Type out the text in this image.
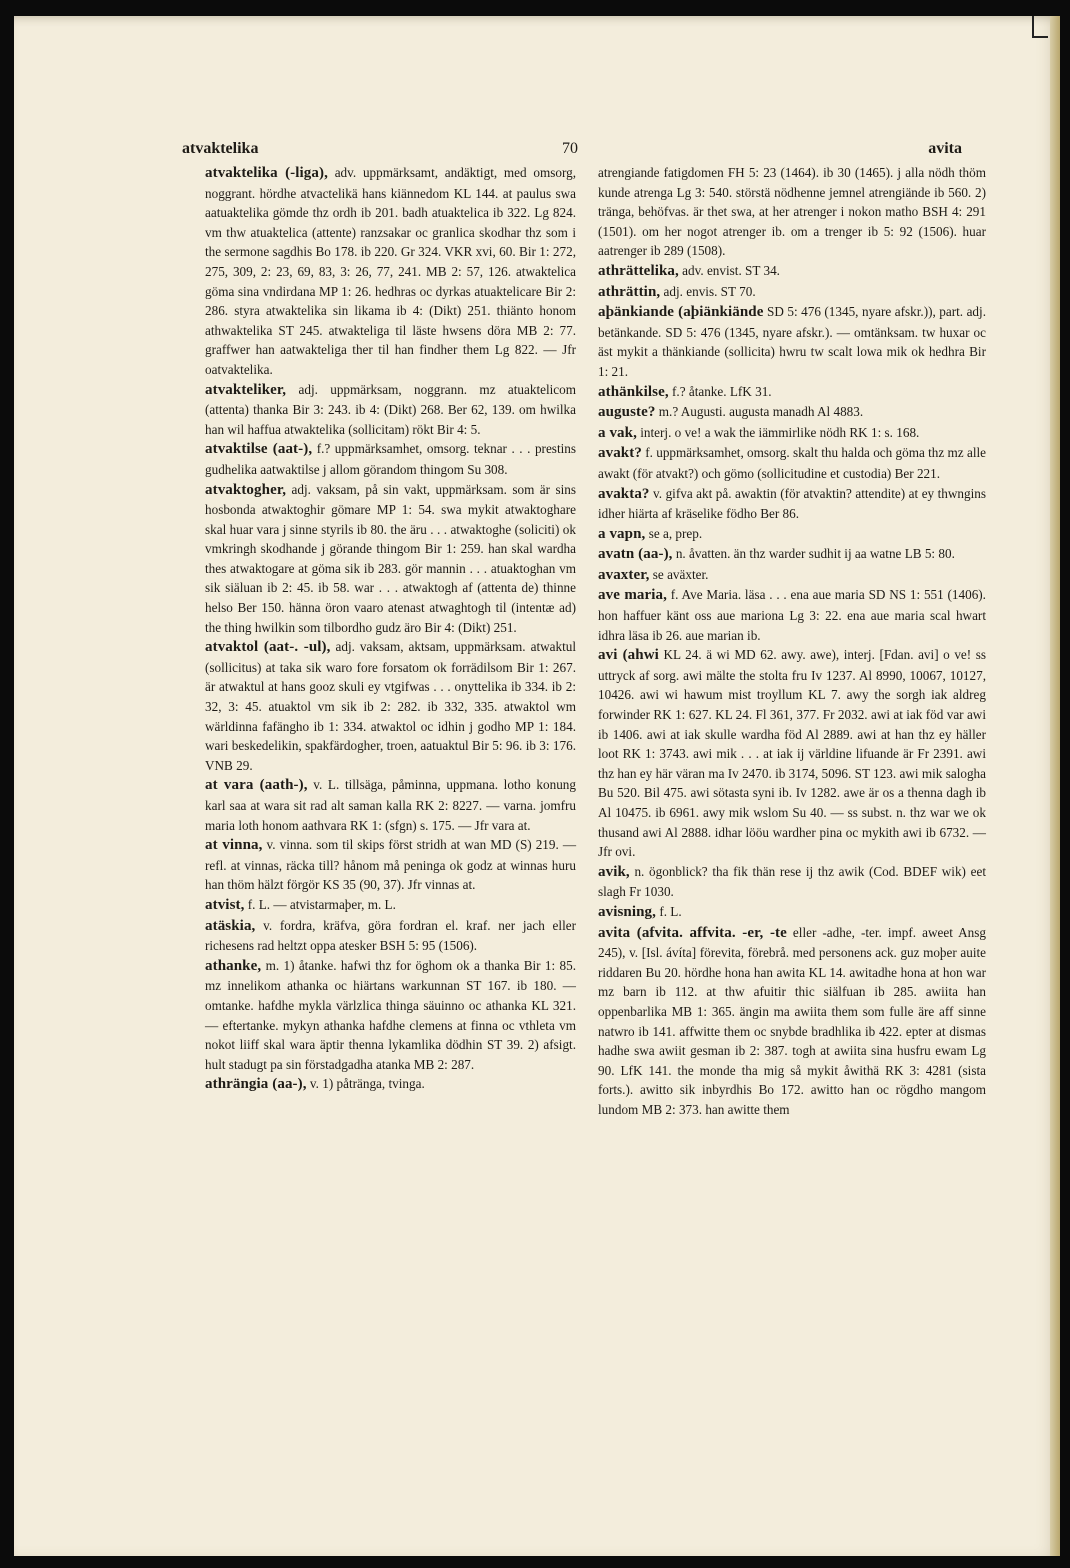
atvaktelika	70	avita

atvaktelika (-liga), adv. uppmärksamt, andäktigt, med omsorg, noggrant. hördhe atvactelikä hans kiännedom KL 144. at paulus swa aatuaktelika gömde thz ordh ib 201. badh atuaktelica ib 322. Lg 824. vm thw atuaktelica (attente) ranzsakar oc granlica skodhar thz som i the sermone sagdhis Bo 178. ib 220. Gr 324. VKR xvi, 60. Bir 1: 272, 275, 309, 2: 23, 69, 83, 3: 26, 77, 241. MB 2: 57, 126. atwaktelica göma sina vndirdana MP 1: 26. hedhras oc dyrkas atuaktelicare Bir 2: 286. styra atwaktelika sin likama ib 4: (Dikt) 251. thiänto honom athwaktelika ST 245. atwakteliga til läste hwsens döra MB 2: 77. graffwer han aatwakteliga ther til han findher them Lg 822. — Jfr oatvaktelika.

atvakteliker, adj. uppmärksam, noggrann. mz atuaktelicom (attenta) thanka Bir 3: 243. ib 4: (Dikt) 268. Ber 62, 139. om hwilka han wil haffua atwaktelika (sollicitam) rökt Bir 4: 5.

atvaktilse (aat-), f.? uppmärksamhet, omsorg. teknar . . . prestins gudhelika aatwaktilse j allom görandom thingom Su 308.

atvaktogher, adj. vaksam, på sin vakt, uppmärksam. som är sins hosbonda atwaktoghir gömare MP 1: 54. swa mykit atwaktoghare skal huar vara j sinne styrils ib 80. the äru . . . atwaktoghe (soliciti) ok vmkringh skodhande j görande thingom Bir 1: 259. han skal wardha thes atwaktogare at göma sik ib 283. gör mannin . . . atuaktoghan vm sik siäluan ib 2: 45. ib 58. war . . . atwaktogh af (attenta de) thinne helso Ber 150. hänna öron vaaro atenast atwaghtogh til (intentæ ad) the thing hwilkin som tilbordho gudz äro Bir 4: (Dikt) 251.

atvaktol (aat-. -ul), adj. vaksam, aktsam, uppmärksam. atwaktul (sollicitus) at taka sik waro fore forsatom ok forrädilsom Bir 1: 267. är atwaktul at hans gooz skuli ey vtgifwas . . . onyttelika ib 334. ib 2: 32, 3: 45. atuaktol vm sik ib 2: 282. ib 332, 335. atwaktol wm wärldinna fafängho ib 1: 334. atwaktol oc idhin j godho MP 1: 184. wari beskedelikin, spakfärdogher, troen, aatuaktul Bir 5: 96. ib 3: 176. VNB 29.

at vara (aath-), v. L. tillsäga, påminna, uppmana. lotho konung karl saa at wara sit rad alt saman kalla RK 2: 8227. — varna. jomfru maria loth honom aathvara RK 1: (sfgn) s. 175. — Jfr vara at.

at vinna, v. vinna. som til skips först stridh at wan MD (S) 219. — refl. at vinnas, räcka till? hånom må peninga ok godz at winnas huru han thöm hälzt förgör KS 35 (90, 37). Jfr vinnas at.

atvist, f. L. — atvistarmaþer, m. L.

atäskia, v. fordra, kräfva, göra fordran el. kraf. ner jach eller richesens rad heltzt oppa atesker BSH 5: 95 (1506).

athanke, m. 1) åtanke. hafwi thz for öghom ok a thanka Bir 1: 85. mz innelikom athanka oc hiärtans warkunnan ST 167. ib 180. — omtanke. hafdhe mykla värlzlica thinga säuinno oc athanka KL 321. — eftertanke. mykyn athanka hafdhe clemens at finna oc vthleta vm nokot liiff skal wara äptir thenna lykamlika dödhin ST 39. 2) afsigt. hult stadugt pa sin förstadgadha atanka MB 2: 287.

athrängia (aa-), v. 1) påtränga, tvinga.

atrengiande fatigdomen FH 5: 23 (1464). ib 30 (1465). j alla nödh thöm kunde atrenga Lg 3: 540. störstä nödhenne jemnel atrengiände ib 560. 2) tränga, behöfvas. är thet swa, at her atrenger i nokon matho BSH 4: 291 (1501). om her nogot atrenger ib. om a trenger ib 5: 92 (1506). huar aatrenger ib 289 (1508).

athrättelika, adv. envist. ST 34.

athrättin, adj. envis. ST 70.

aþänkiande (aþiänkiände SD 5: 476 (1345, nyare afskr.)), part. adj. betänkande. SD 5: 476 (1345, nyare afskr.). — omtänksam. tw huxar oc äst mykit a thänkiande (sollicita) hwru tw scalt lowa mik ok hedhra Bir 1: 21.

athänkilse, f.? åtanke. LfK 31.

auguste? m.? Augusti. augusta manadh Al 4883.

a vak, interj. o ve! a wak the iämmirlike nödh RK 1: s. 168.

avakt? f. uppmärksamhet, omsorg. skalt thu halda och göma thz mz alle awakt (för atvakt?) och gömo (sollicitudine et custodia) Ber 221.

avakta? v. gifva akt på. awaktin (för atvaktin? attendite) at ey thwngins idher hiärta af kräselike födho Ber 86.

a vapn, se a, prep.

avatn (aa-), n. åvatten. än thz warder sudhit ij aa watne LB 5: 80.

avaxter, se aväxter.

ave maria, f. Ave Maria. läsa . . . ena aue maria SD NS 1: 551 (1406). hon haffuer känt oss aue mariona Lg 3: 22. ena aue maria scal hwart idhra läsa ib 26. aue marian ib.

avi (ahwi KL 24. ä wi MD 62. awy. awe), interj. [Fdan. avi] o ve! ss uttryck af sorg. awi mälte the stolta fru Iv 1237. Al 8990, 10067, 10127, 10426. awi wi hawum mist troyllum KL 7. awy the sorgh iak aldreg forwinder RK 1: 627. KL 24. Fl 361, 377. Fr 2032. awi at iak föd var awi ib 1406. awi at iak skulle wardha föd Al 2889. awi at han thz ey häller loot RK 1: 3743. awi mik . . . at iak ij världine lifuande är Fr 2391. awi thz han ey här väran ma Iv 2470. ib 3174, 5096. ST 123. awi mik salogha Bu 520. Bil 475. awi sötasta syni ib. Iv 1282. awe är os a thenna dagh ib Al 10475. ib 6961. awy mik wslom Su 40. — ss subst. n. thz war we ok thusand awi Al 2888. idhar lööu wardher pina oc mykith awi ib 6732. — Jfr ovi.

avik, n. ögonblick? tha fik thän rese ij thz awik (Cod. BDEF wik) eet slagh Fr 1030.

avisning, f. L.

avita (afvita. affvita. -er, -te eller -adhe, -ter. impf. aweet Ansg 245), v. [Isl. ávíta] förevita, förebrå. med personens ack. guz moþer auite riddaren Bu 20. hördhe hona han awita KL 14. awitadhe hona at hon war mz barn ib 112. at thw afuitir thic siälfuan ib 285. awiita han oppenbarlika MB 1: 365. ängin ma awiita them som fulle äre aff sinne natwro ib 141. affwitte them oc snybde bradhlika ib 422. epter at dismas hadhe swa awiit gesman ib 2: 387. togh at awiita sina husfru ewam Lg 90. LfK 141. the monde tha mig så mykit åwithä RK 3: 4281 (sista forts.). awitto sik inbyrdhis Bo 172. awitto han oc rögdho mangom lundom MB 2: 373. han awitte them
